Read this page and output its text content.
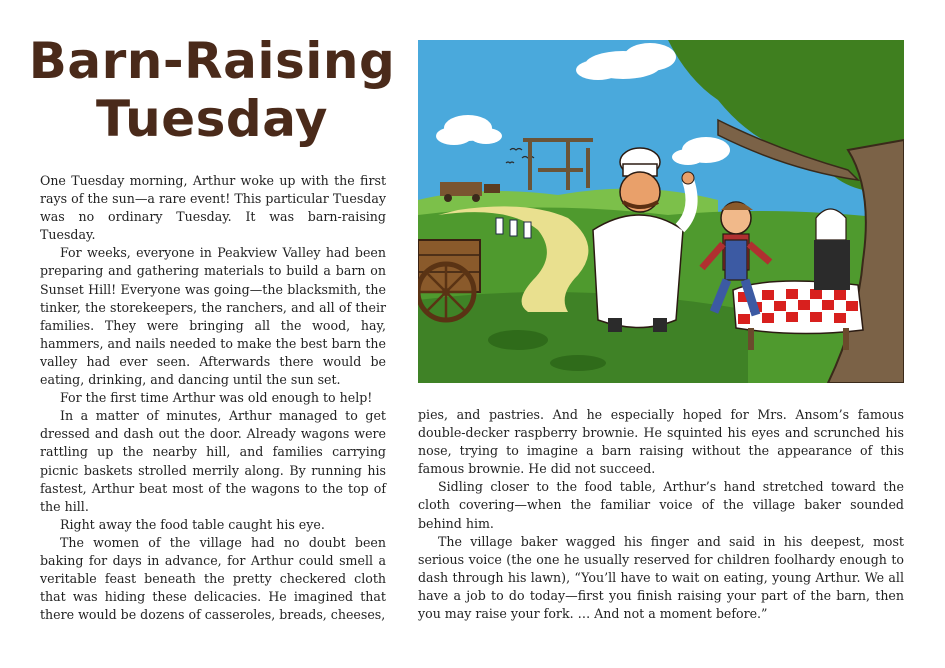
Barn-Raising
Tuesday

One Tuesday morning, Arthur woke up with the first rays of the sun—a rare event! This particular Tuesday was no ordinary Tuesday. It was barn-raising Tuesday.

For weeks, everyone in Peakview Valley had been preparing and gathering materials to build a barn on Sunset Hill! Everyone was going—the blacksmith, the tinker, the storekeepers, the ranchers, and all of their families. They were bringing all the wood, hay, hammers, and nails needed to make the best barn the valley had ever seen. Afterwards there would be eating, drinking, and dancing until the sun set.

For the first time Arthur was old enough to help!

In a matter of minutes, Arthur managed to get dressed and dash out the door. Already wagons were rattling up the nearby hill, and families carrying picnic baskets strolled merrily along. By running his fastest, Arthur beat most of the wagons to the top of the hill.

Right away the food table caught his eye.

The women of the village had no doubt been baking for days in advance, for Arthur could smell a veritable feast beneath the pretty checkered cloth that was hiding these delicacies. He imagined that there would be dozens of casseroles, breads, cheeses,

pies, and pastries. And he especially hoped for Mrs. Ansom’s famous double-decker raspberry brownie. He squinted his eyes and scrunched his nose, trying to imagine a barn raising without the appearance of this famous brownie. He did not succeed.

Sidling closer to the food table, Arthur’s hand stretched toward the cloth covering—when the familiar voice of the village baker sounded behind him.

The village baker wagged his finger and said in his deepest, most serious voice (the one he usually reserved for children foolhardy enough to dash through his lawn), “You’ll have to wait on eating, young Arthur. We all have a job to do today—first you finish raising your part of the barn, then you may raise your fork. … And not a moment before.”
